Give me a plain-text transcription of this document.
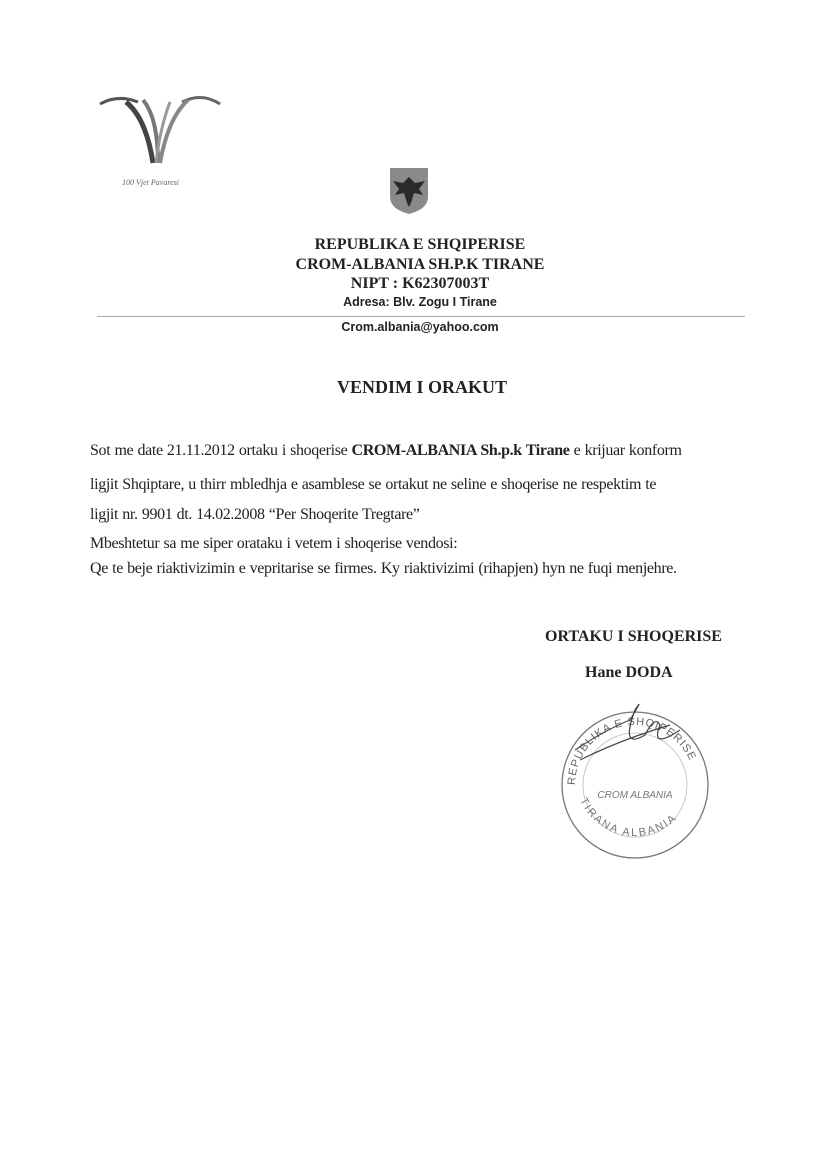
100 Vjet Pavaresi
REPUBLIKA E SHQIPERISE
CROM-ALBANIA SH.P.K TIRANE
NIPT : K62307003T
Adresa: Blv. Zogu I Tirane
Crom.albania@yahoo.com
VENDIM I ORAKUT
Sot me date 21.11.2012 ortaku i shoqerise CROM-ALBANIA Sh.p.k Tirane e krijuar konform
ligjit Shqiptare, u thirr mbledhja e asamblese se ortakut ne seline e shoqerise ne respektim te
ligjit nr. 9901 dt. 14.02.2008 “Per Shoqerite Tregtare”
Mbeshtetur sa me siper orataku i vetem i shoqerise vendosi:
Qe te beje riaktivizimin e vepritarise se firmes. Ky riaktivizimi (rihapjen) hyn ne fuqi menjehre.
ORTAKU I SHOQERISE
Hane DODA
REPUBLIKA E SHQIPERISE
TIRANA ALBANIA
CROM ALBANIA
